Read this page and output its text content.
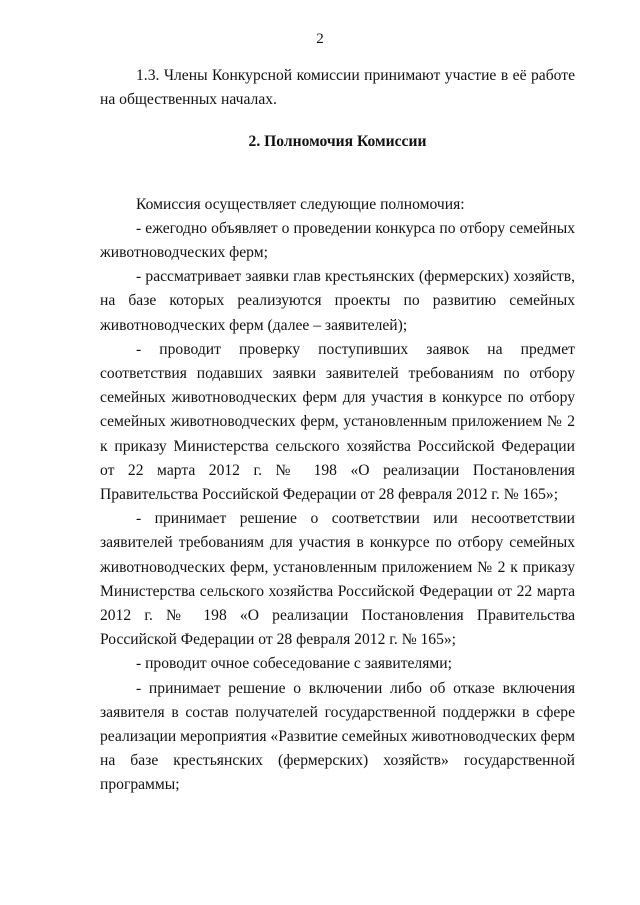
2

1.3. Члены Конкурсной комиссии принимают участие в её работе на общественных началах.

2. Полномочия Комиссии

Комиссия осуществляет следующие полномочия:

- ежегодно объявляет о проведении конкурса по отбору семейных животноводческих ферм;

- рассматривает заявки глав крестьянских (фермерских) хозяйств, на базе которых реализуются проекты по развитию семейных животноводческих ферм (далее – заявителей);

- проводит проверку поступивших заявок на предмет соответствия подавших заявки заявителей требованиям по отбору семейных животноводческих ферм для участия в конкурсе по отбору семейных животноводческих ферм, установленным приложением № 2 к приказу Министерства сельского хозяйства Российской Федерации от 22 марта 2012 г. № 198 «О реализации Постановления Правительства Российской Федерации от 28 февраля 2012 г. № 165»;

- принимает решение о соответствии или несоответствии заявителей требованиям для участия в конкурсе по отбору семейных животноводческих ферм, установленным приложением № 2 к приказу Министерства сельского хозяйства Российской Федерации от 22 марта 2012 г. № 198 «О реализации Постановления Правительства Российской Федерации от 28 февраля 2012 г. № 165»;

- проводит очное собеседование с заявителями;

- принимает решение о включении либо об отказе включения заявителя в состав получателей государственной поддержки в сфере реализации мероприятия «Развитие семейных животноводческих ферм на базе крестьянских (фермерских) хозяйств» государственной программы;
